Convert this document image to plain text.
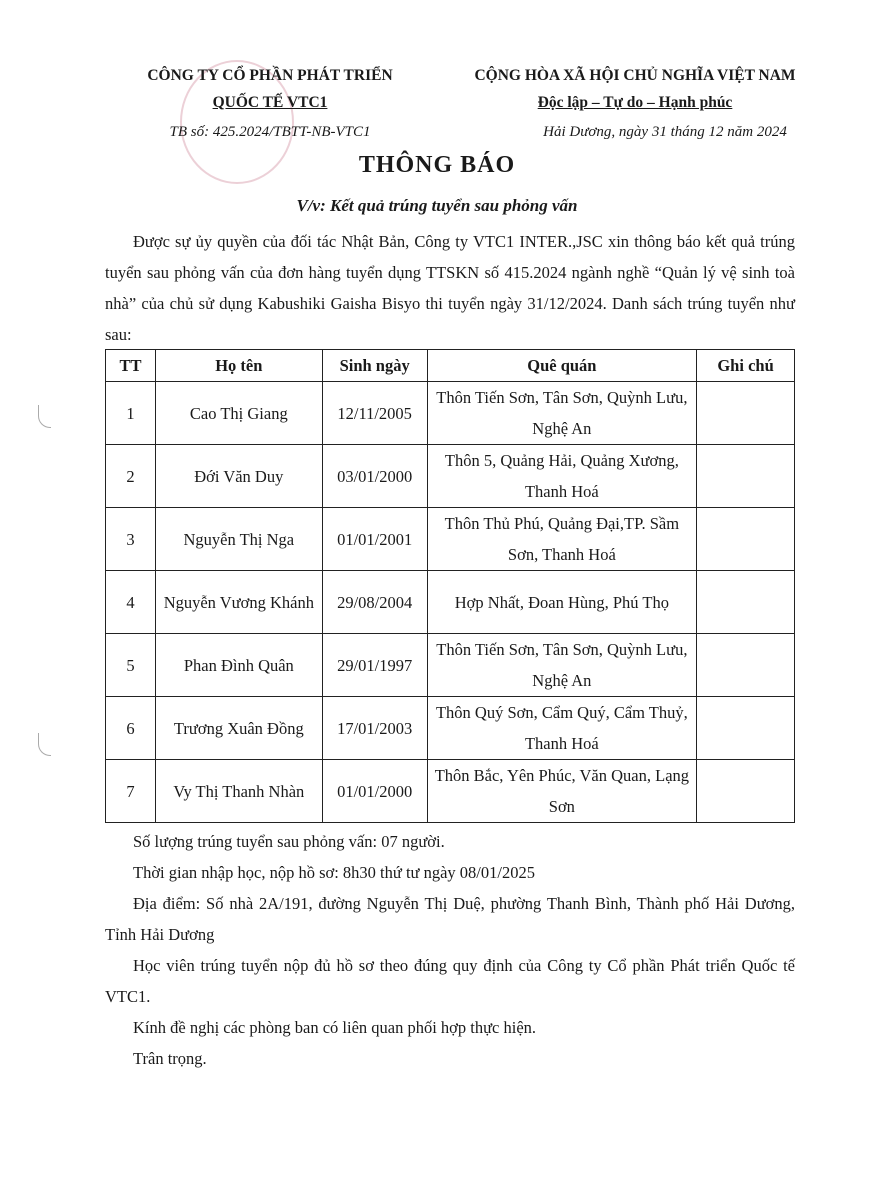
CÔNG TY CỔ PHẦN PHÁT TRIỂN
QUỐC TẾ VTC1
TB số: 425.2024/TBTT-NB-VTC1
CỘNG HÒA XÃ HỘI CHỦ NGHĨA VIỆT NAM
Độc lập – Tự do – Hạnh phúc
Hải Dương, ngày 31 tháng 12 năm 2024
THÔNG BÁO
V/v: Kết quả trúng tuyển sau phỏng vấn

Được sự ủy quyền của đối tác Nhật Bản, Công ty VTC1 INTER.,JSC xin thông báo kết quả trúng tuyển sau phỏng vấn của đơn hàng tuyển dụng TTSKN số 415.2024 ngành nghề “Quản lý vệ sinh toà nhà” của chủ sử dụng Kabushiki Gaisha Bisyo thi tuyển ngày 31/12/2024. Danh sách trúng tuyển như sau:

TT	Họ tên	Sinh ngày	Quê quán	Ghi chú
1	Cao Thị Giang	12/11/2005	Thôn Tiến Sơn, Tân Sơn, Quỳnh Lưu, Nghệ An	
2	Đới Văn Duy	03/01/2000	Thôn 5, Quảng Hải, Quảng Xương, Thanh Hoá	
3	Nguyễn Thị Nga	01/01/2001	Thôn Thủ Phú, Quảng Đại,TP. Sầm Sơn, Thanh Hoá	
4	Nguyễn Vương Khánh	29/08/2004	Hợp Nhất, Đoan Hùng, Phú Thọ	
5	Phan Đình Quân	29/01/1997	Thôn Tiến Sơn, Tân Sơn, Quỳnh Lưu, Nghệ An	
6	Trương Xuân Đồng	17/01/2003	Thôn Quý Sơn, Cẩm Quý, Cẩm Thuỷ, Thanh Hoá	
7	Vy Thị Thanh Nhàn	01/01/2000	Thôn Bắc, Yên Phúc, Văn Quan, Lạng Sơn	

Số lượng trúng tuyển sau phỏng vấn: 07 người.

Thời gian nhập học, nộp hồ sơ: 8h30 thứ tư ngày 08/01/2025

Địa điểm: Số nhà 2A/191, đường Nguyễn Thị Duệ, phường Thanh Bình, Thành phố Hải Dương, Tỉnh Hải Dương

Học viên trúng tuyển nộp đủ hồ sơ theo đúng quy định của Công ty Cổ phần Phát triển Quốc tế VTC1.

Kính đề nghị các phòng ban có liên quan phối hợp thực hiện.

Trân trọng.
